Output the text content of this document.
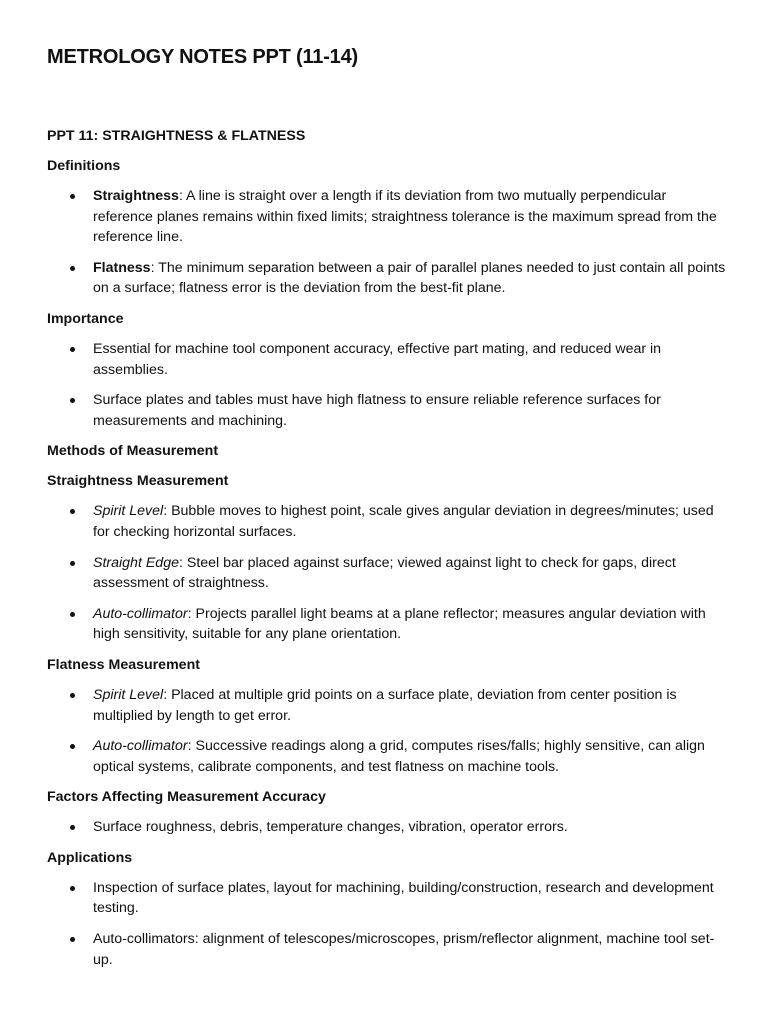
METROLOGY NOTES PPT (11-14)

PPT 11: STRAIGHTNESS & FLATNESS

Definitions

Straightness: A line is straight over a length if its deviation from two mutually perpendicular reference planes remains within fixed limits; straightness tolerance is the maximum spread from the reference line.
Flatness: The minimum separation between a pair of parallel planes needed to just contain all points on a surface; flatness error is the deviation from the best-fit plane.

Importance

Essential for machine tool component accuracy, effective part mating, and reduced wear in assemblies.
Surface plates and tables must have high flatness to ensure reliable reference surfaces for measurements and machining.

Methods of Measurement

Straightness Measurement

Spirit Level: Bubble moves to highest point, scale gives angular deviation in degrees/minutes; used for checking horizontal surfaces.
Straight Edge: Steel bar placed against surface; viewed against light to check for gaps, direct assessment of straightness.
Auto-collimator: Projects parallel light beams at a plane reflector; measures angular deviation with high sensitivity, suitable for any plane orientation.

Flatness Measurement

Spirit Level: Placed at multiple grid points on a surface plate, deviation from center position is multiplied by length to get error.
Auto-collimator: Successive readings along a grid, computes rises/falls; highly sensitive, can align optical systems, calibrate components, and test flatness on machine tools.

Factors Affecting Measurement Accuracy

Surface roughness, debris, temperature changes, vibration, operator errors.

Applications

Inspection of surface plates, layout for machining, building/construction, research and development testing.
Auto-collimators: alignment of telescopes/microscopes, prism/reflector alignment, machine tool set-up.
